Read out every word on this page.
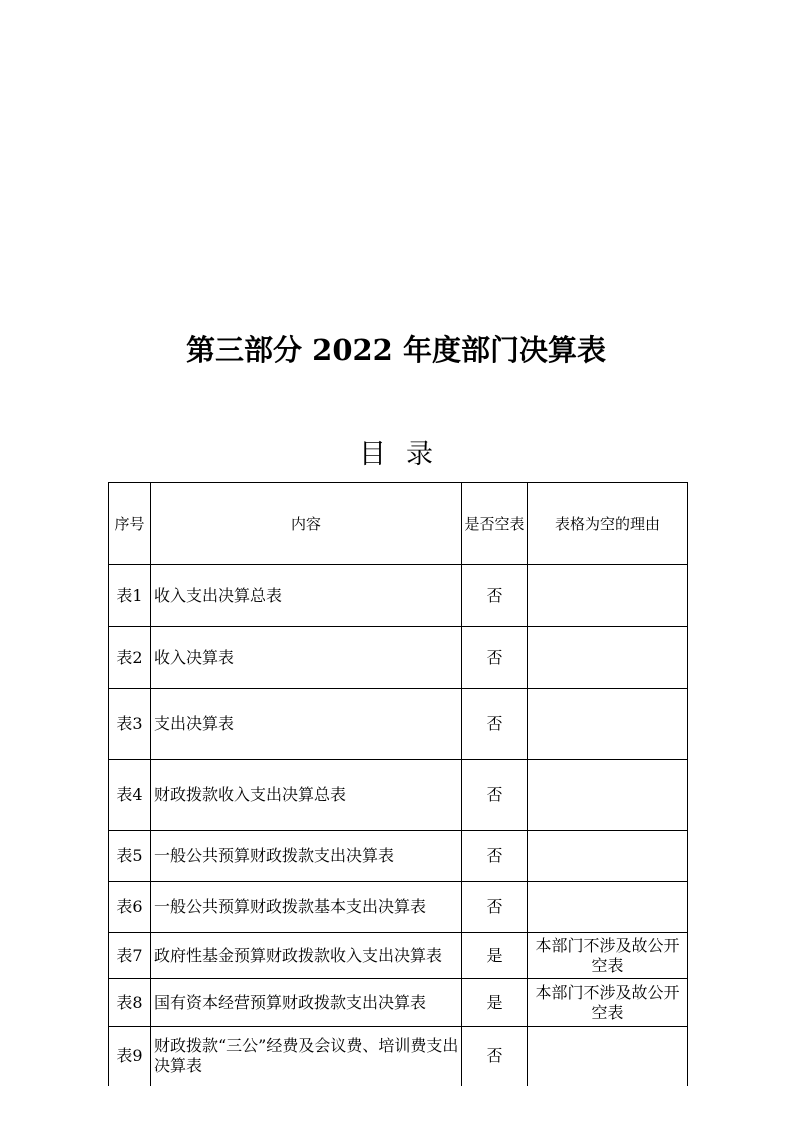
第三部分 2022 年度部门决算表
目录
序号	内容	是否空表	表格为空的理由
表1	收入支出决算总表	否	
表2	收入决算表	否	
表3	支出决算表	否	
表4	财政拨款收入支出决算总表	否	
表5	一般公共预算财政拨款支出决算表	否	
表6	一般公共预算财政拨款基本支出决算表	否	
表7	政府性基金预算财政拨款收入支出决算表	是	本部门不涉及故公开空表
表8	国有资本经营预算财政拨款支出决算表	是	本部门不涉及故公开空表
表9	财政拨款“三公”经费及会议费、培训费支出决算表	否	
